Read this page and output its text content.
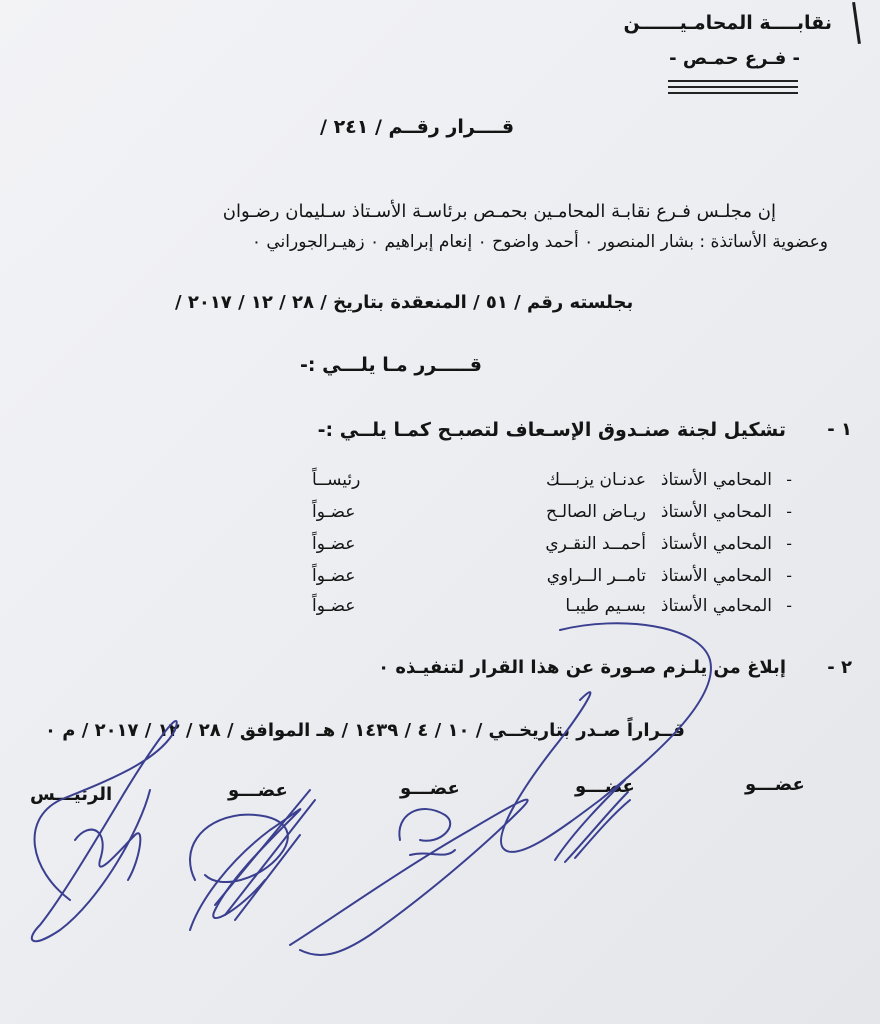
نقابــــة المحامـيــــــن
- فـرع حمـص -
قــــرار رقــم / ٢٤١ /
إن مجلـس فـرع نقابـة المحامـين بحمـص برئاسـة الأسـتاذ سـليمان رضـوان
وعضوية الأساتذة : بشار المنصور ٠ أحمد واضوح ٠ إنعام إبراهيم ٠ زهيـرالجوراني ٠
بجلسته رقم / ٥١ / المنعقدة بتاريخ / ٢٨ / ١٢ / ٢٠١٧ /
قـــــرر مـا يلـــي :-
١ -
تشكيل لجنة صنـدوق الإسـعاف لتصبـح كمـا يلــي :-
-
المحامي الأستاذ
عدنـان يزبـــك
رئيســاً
-
المحامي الأستاذ
ريـاض الصالـح
عضـواً
-
المحامي الأستاذ
أحمــد النقـري
عضـواً
-
المحامي الأستاذ
تامــر الــراوي
عضـواً
-
المحامي الأستاذ
بسـيم طيبـا
عضـواً
٢ -
إبلاغ من يلـزم صـورة عن هذا القرار لتنفيـذه ٠
قــراراً صـدر بتاريخــي / ١٠ / ٤ / ١٤٣٩ / هـ الموافق / ٢٨ / ١٢ / ٢٠١٧ / م ٠
عضـــو
عضـــو
عضـــو
عضـــو
الرئيـــس
